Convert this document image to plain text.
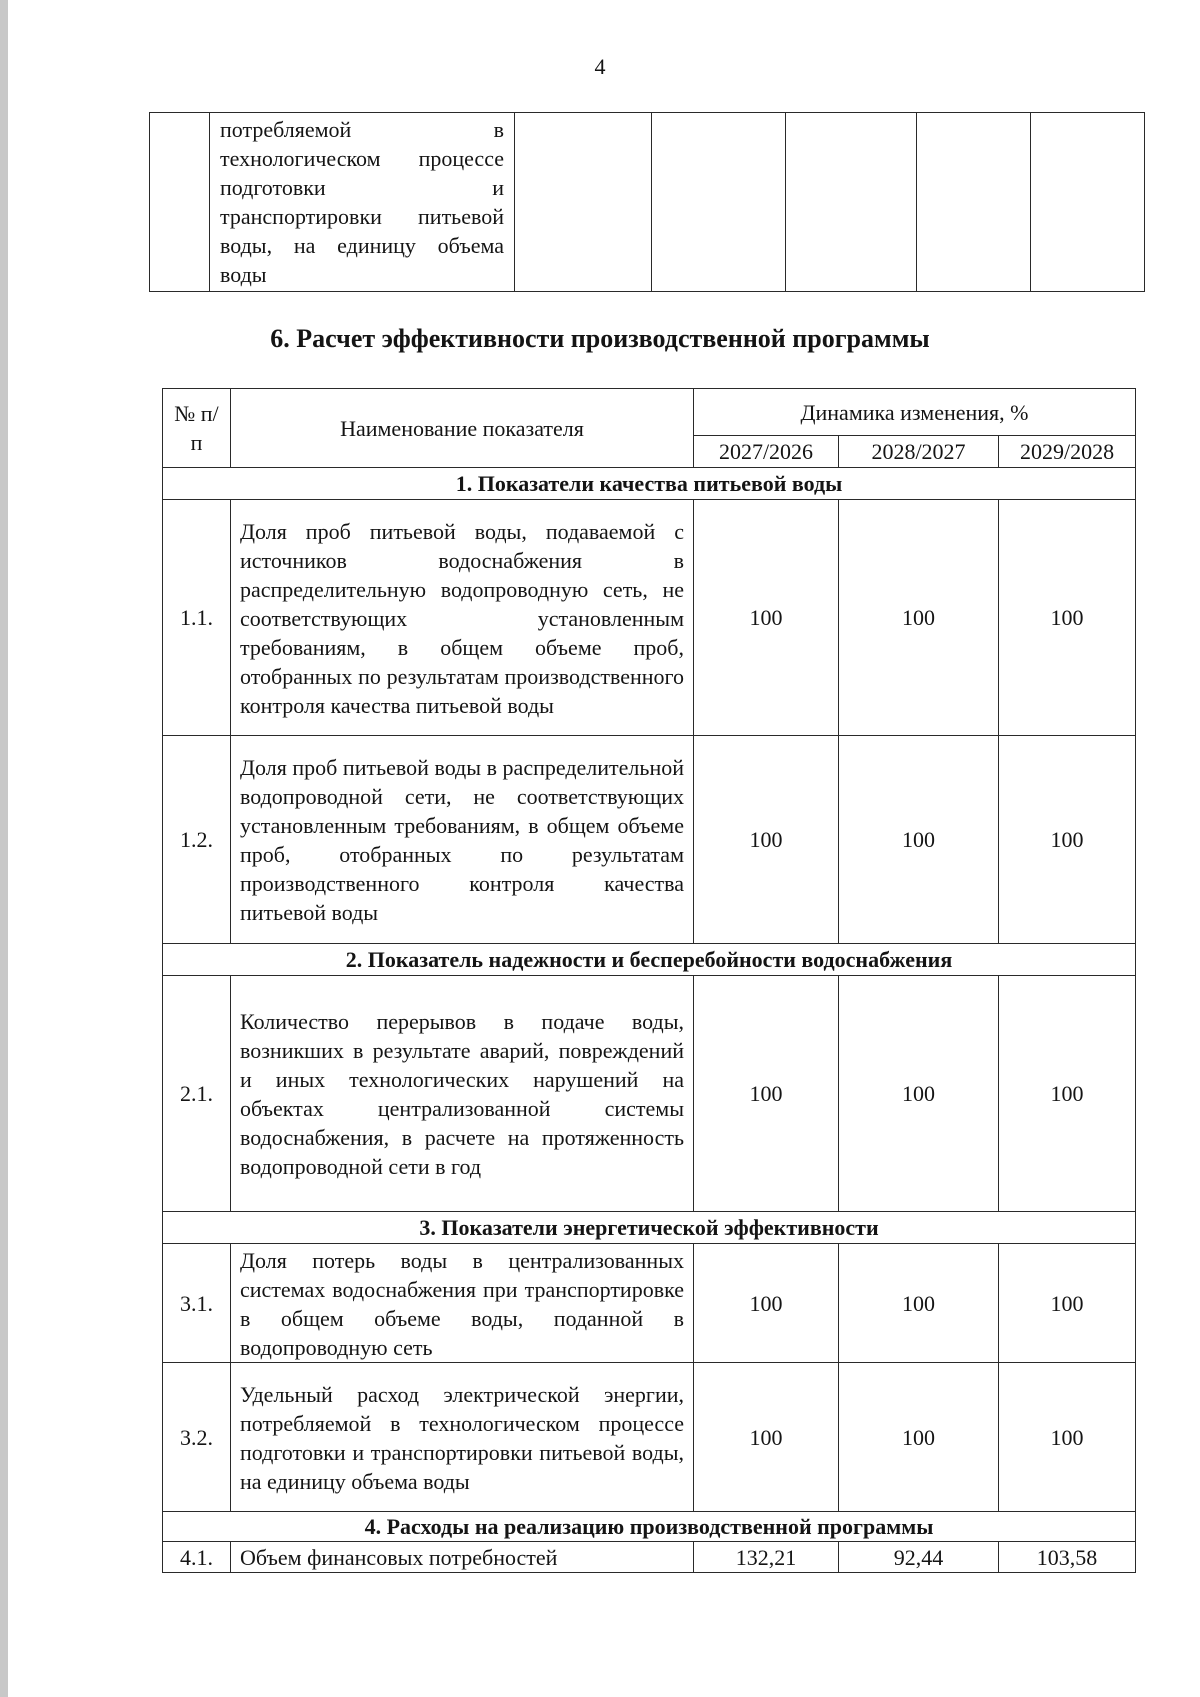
4
	потребляемой в технологическом процессе подготовки и транспортировки питьевой воды, на единицу объема воды					
6. Расчет эффективности производственной программы
№ п/п	Наименование показателя	Динамика изменения, %		
		2027/2026	2028/2027	2029/2028
1. Показатели качества питьевой воды				
1.1.	Доля проб питьевой воды, подаваемой с источников водоснабжения в распределительную водопроводную сеть, не соответствующих установленным требованиям, в общем объеме проб, отобранных по результатам производственного контроля качества питьевой воды	100	100	100
1.2.	Доля проб питьевой воды в распределительной водопроводной сети, не соответствующих установленным требованиям, в общем объеме проб, отобранных по результатам производственного контроля качества питьевой воды	100	100	100
2. Показатель надежности и бесперебойности водоснабжения				
2.1.	Количество перерывов в подаче воды, возникших в результате аварий, повреждений и иных технологических нарушений на объектах централизованной системы водоснабжения, в расчете на протяженность водопроводной сети в год	100	100	100
3. Показатели энергетической эффективности				
3.1.	Доля потерь воды в централизованных системах водоснабжения при транспортировке в общем объеме воды, поданной в водопроводную сеть	100	100	100
3.2.	Удельный расход электрической энергии, потребляемой в технологическом процессе подготовки и транспортировки питьевой воды, на единицу объема воды	100	100	100
4. Расходы на реализацию производственной программы				
4.1.	Объем финансовых потребностей	132,21	92,44	103,58
